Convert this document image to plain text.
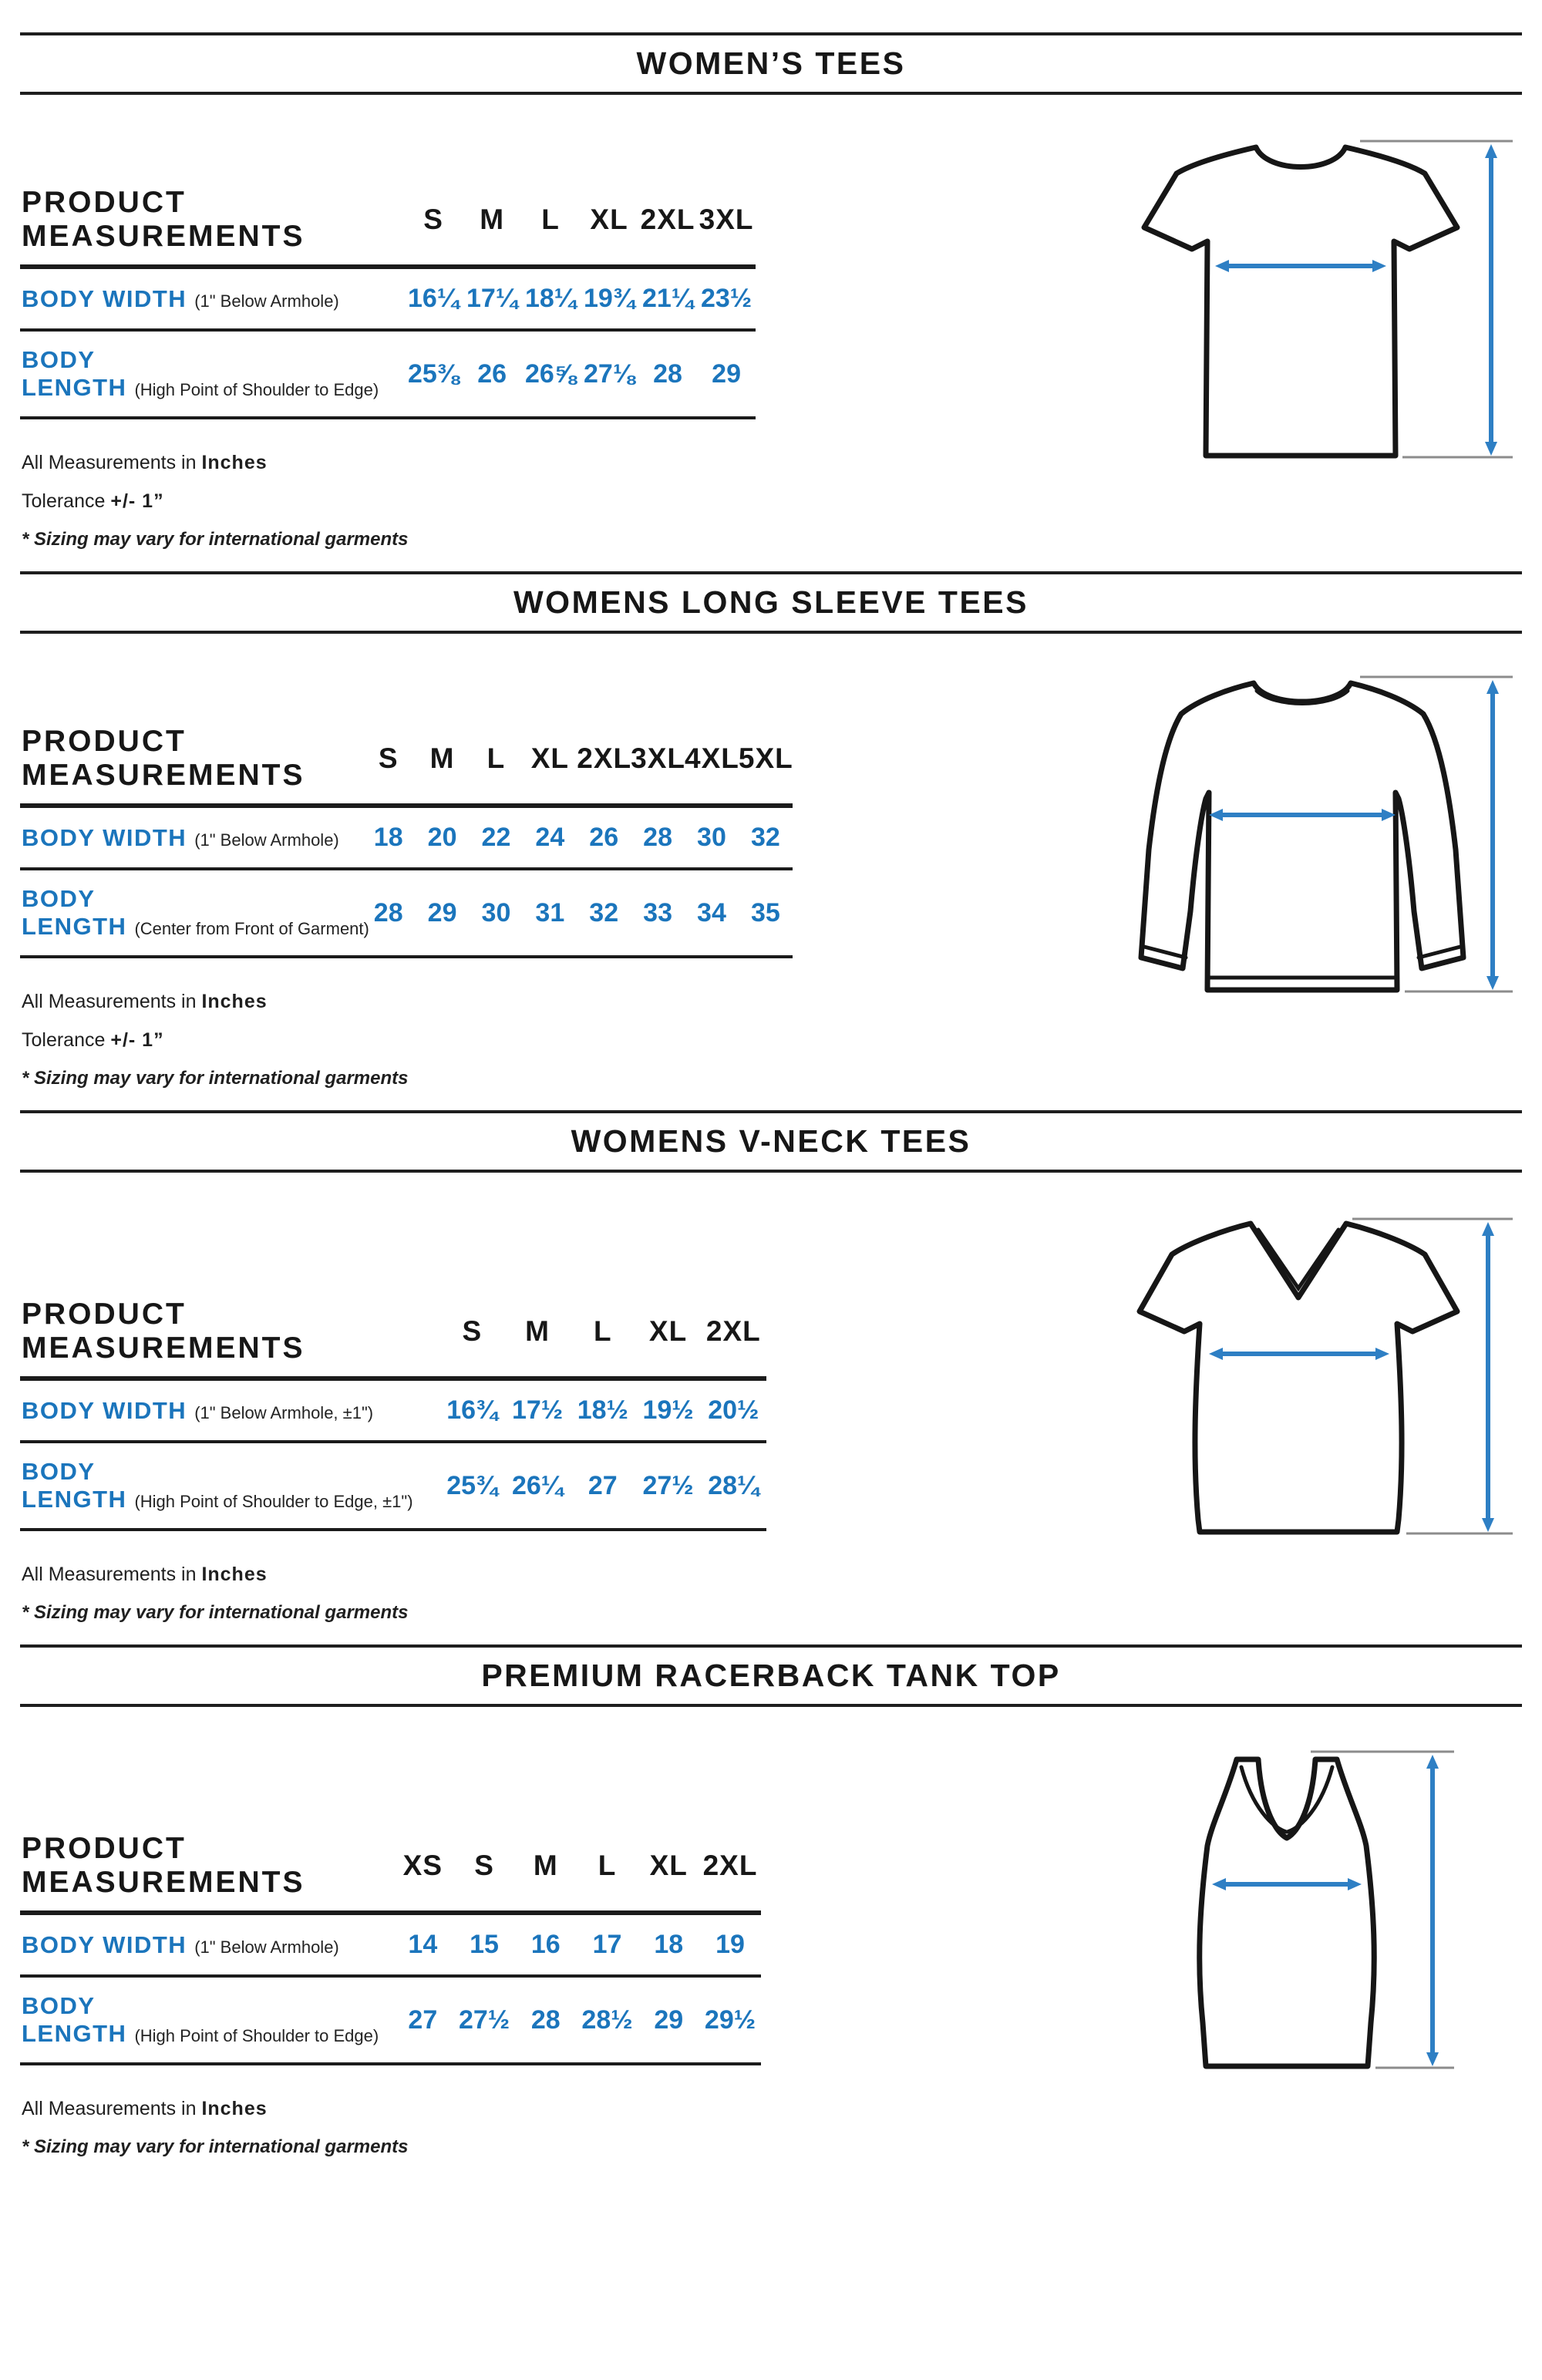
WOMEN’S TEES
PRODUCT MEASUREMENTS	S	M	L	XL	2XL	3XL
BODY WIDTH (1" Below Armhole)	16¼	17¼	18¼	19¾	21¼	23½
BODY LENGTH (High Point of Shoulder to Edge)	25⅜	26	26⅝	27⅛	28	29

All Measurements in Inches

Tolerance +/- 1”

* Sizing may vary for international garments

WOMENS LONG SLEEVE TEES
PRODUCT MEASUREMENTS	S	M	L	XL	2XL	3XL	4XL	5XL
BODY WIDTH (1" Below Armhole)	18	20	22	24	26	28	30	32
BODY LENGTH (Center from Front of Garment)	28	29	30	31	32	33	34	35

All Measurements in Inches

Tolerance +/- 1”

* Sizing may vary for international garments

WOMENS V-NECK TEES
PRODUCT MEASUREMENTS	S	M	L	XL	2XL
BODY WIDTH (1" Below Armhole, ±1")	16¾	17½	18½	19½	20½
BODY LENGTH (High Point of Shoulder to Edge, ±1")	25¾	26¼	27	27½	28¼

All Measurements in Inches

* Sizing may vary for international garments

PREMIUM RACERBACK TANK TOP
PRODUCT MEASUREMENTS	XS	S	M	L	XL	2XL
BODY WIDTH (1" Below Armhole)	14	15	16	17	18	19
BODY LENGTH (High Point of Shoulder to Edge)	27	27½	28	28½	29	29½

All Measurements in Inches

* Sizing may vary for international garments
